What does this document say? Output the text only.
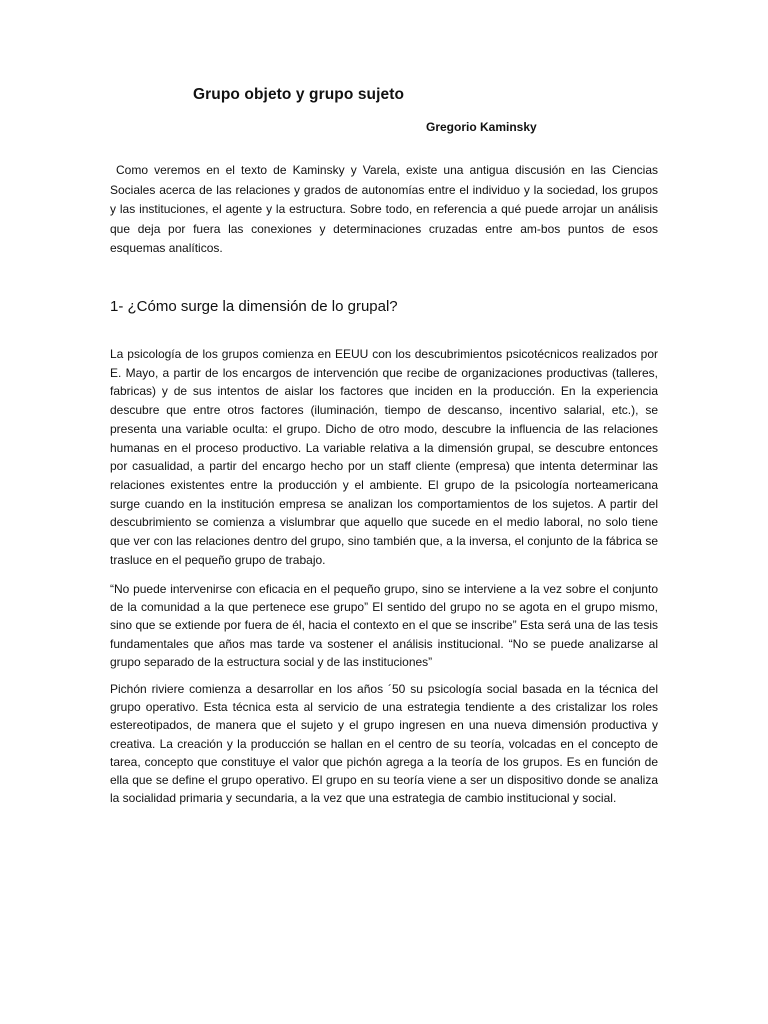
Grupo objeto y grupo sujeto

Gregorio Kaminsky

Como veremos en el texto de Kaminsky y Varela, existe una antigua discusión en las Ciencias Sociales acerca de las relaciones y grados de autonomías entre el individuo y la sociedad, los grupos y las instituciones, el agente y la estructura. Sobre todo, en referencia a qué puede arrojar un análisis que deja por fuera las conexiones y determinaciones cruzadas entre am-bos puntos de esos esquemas analíticos.

1- ¿Cómo surge la dimensión de lo grupal?

La psicología de los grupos comienza en EEUU con los descubrimientos psicotécnicos realizados por E. Mayo, a partir de los encargos de intervención que recibe de organizaciones productivas (talleres, fabricas) y de sus intentos de aislar los factores que inciden en la producción. En la experiencia descubre que entre otros factores (iluminación, tiempo de descanso, incentivo salarial, etc.), se presenta una variable oculta: el grupo. Dicho de otro modo, descubre la influencia de las relaciones humanas en el proceso productivo. La variable relativa a la dimensión grupal, se descubre entonces por casualidad, a partir del encargo hecho por un staff cliente (empresa) que intenta determinar las relaciones existentes entre la producción y el ambiente. El grupo de la psicología norteamericana surge cuando en la institución empresa se analizan los comportamientos de los sujetos. A partir del descubrimiento se comienza a vislumbrar que aquello que sucede en el medio laboral, no solo tiene que ver con las relaciones dentro del grupo, sino también que, a la inversa, el conjunto de la fábrica se trasluce en el pequeño grupo de trabajo.

“No puede intervenirse con eficacia en el pequeño grupo, sino se interviene a la vez sobre el conjunto de la comunidad a la que pertenece ese grupo” El sentido del grupo no se agota en el grupo mismo, sino que se extiende por fuera de él, hacia el contexto en el que se inscribe” Esta será una de las tesis fundamentales que años mas tarde va sostener el análisis institucional. “No se puede analizarse al grupo separado de la estructura social y de las instituciones”

Pichón riviere comienza a desarrollar en los años ´50 su psicología social basada en la técnica del grupo operativo. Esta técnica esta al servicio de una estrategia tendiente a des cristalizar los roles estereotipados, de manera que el sujeto y el grupo ingresen en una nueva dimensión productiva y creativa. La creación y la producción se hallan en el centro de su teoría, volcadas en el concepto de tarea, concepto que constituye el valor que pichón agrega a la teoría de los grupos. Es en función de ella que se define el grupo operativo. El grupo en su teoría viene a ser un dispositivo donde se analiza la socialidad primaria y secundaria, a la vez que una estrategia de cambio institucional y social.
